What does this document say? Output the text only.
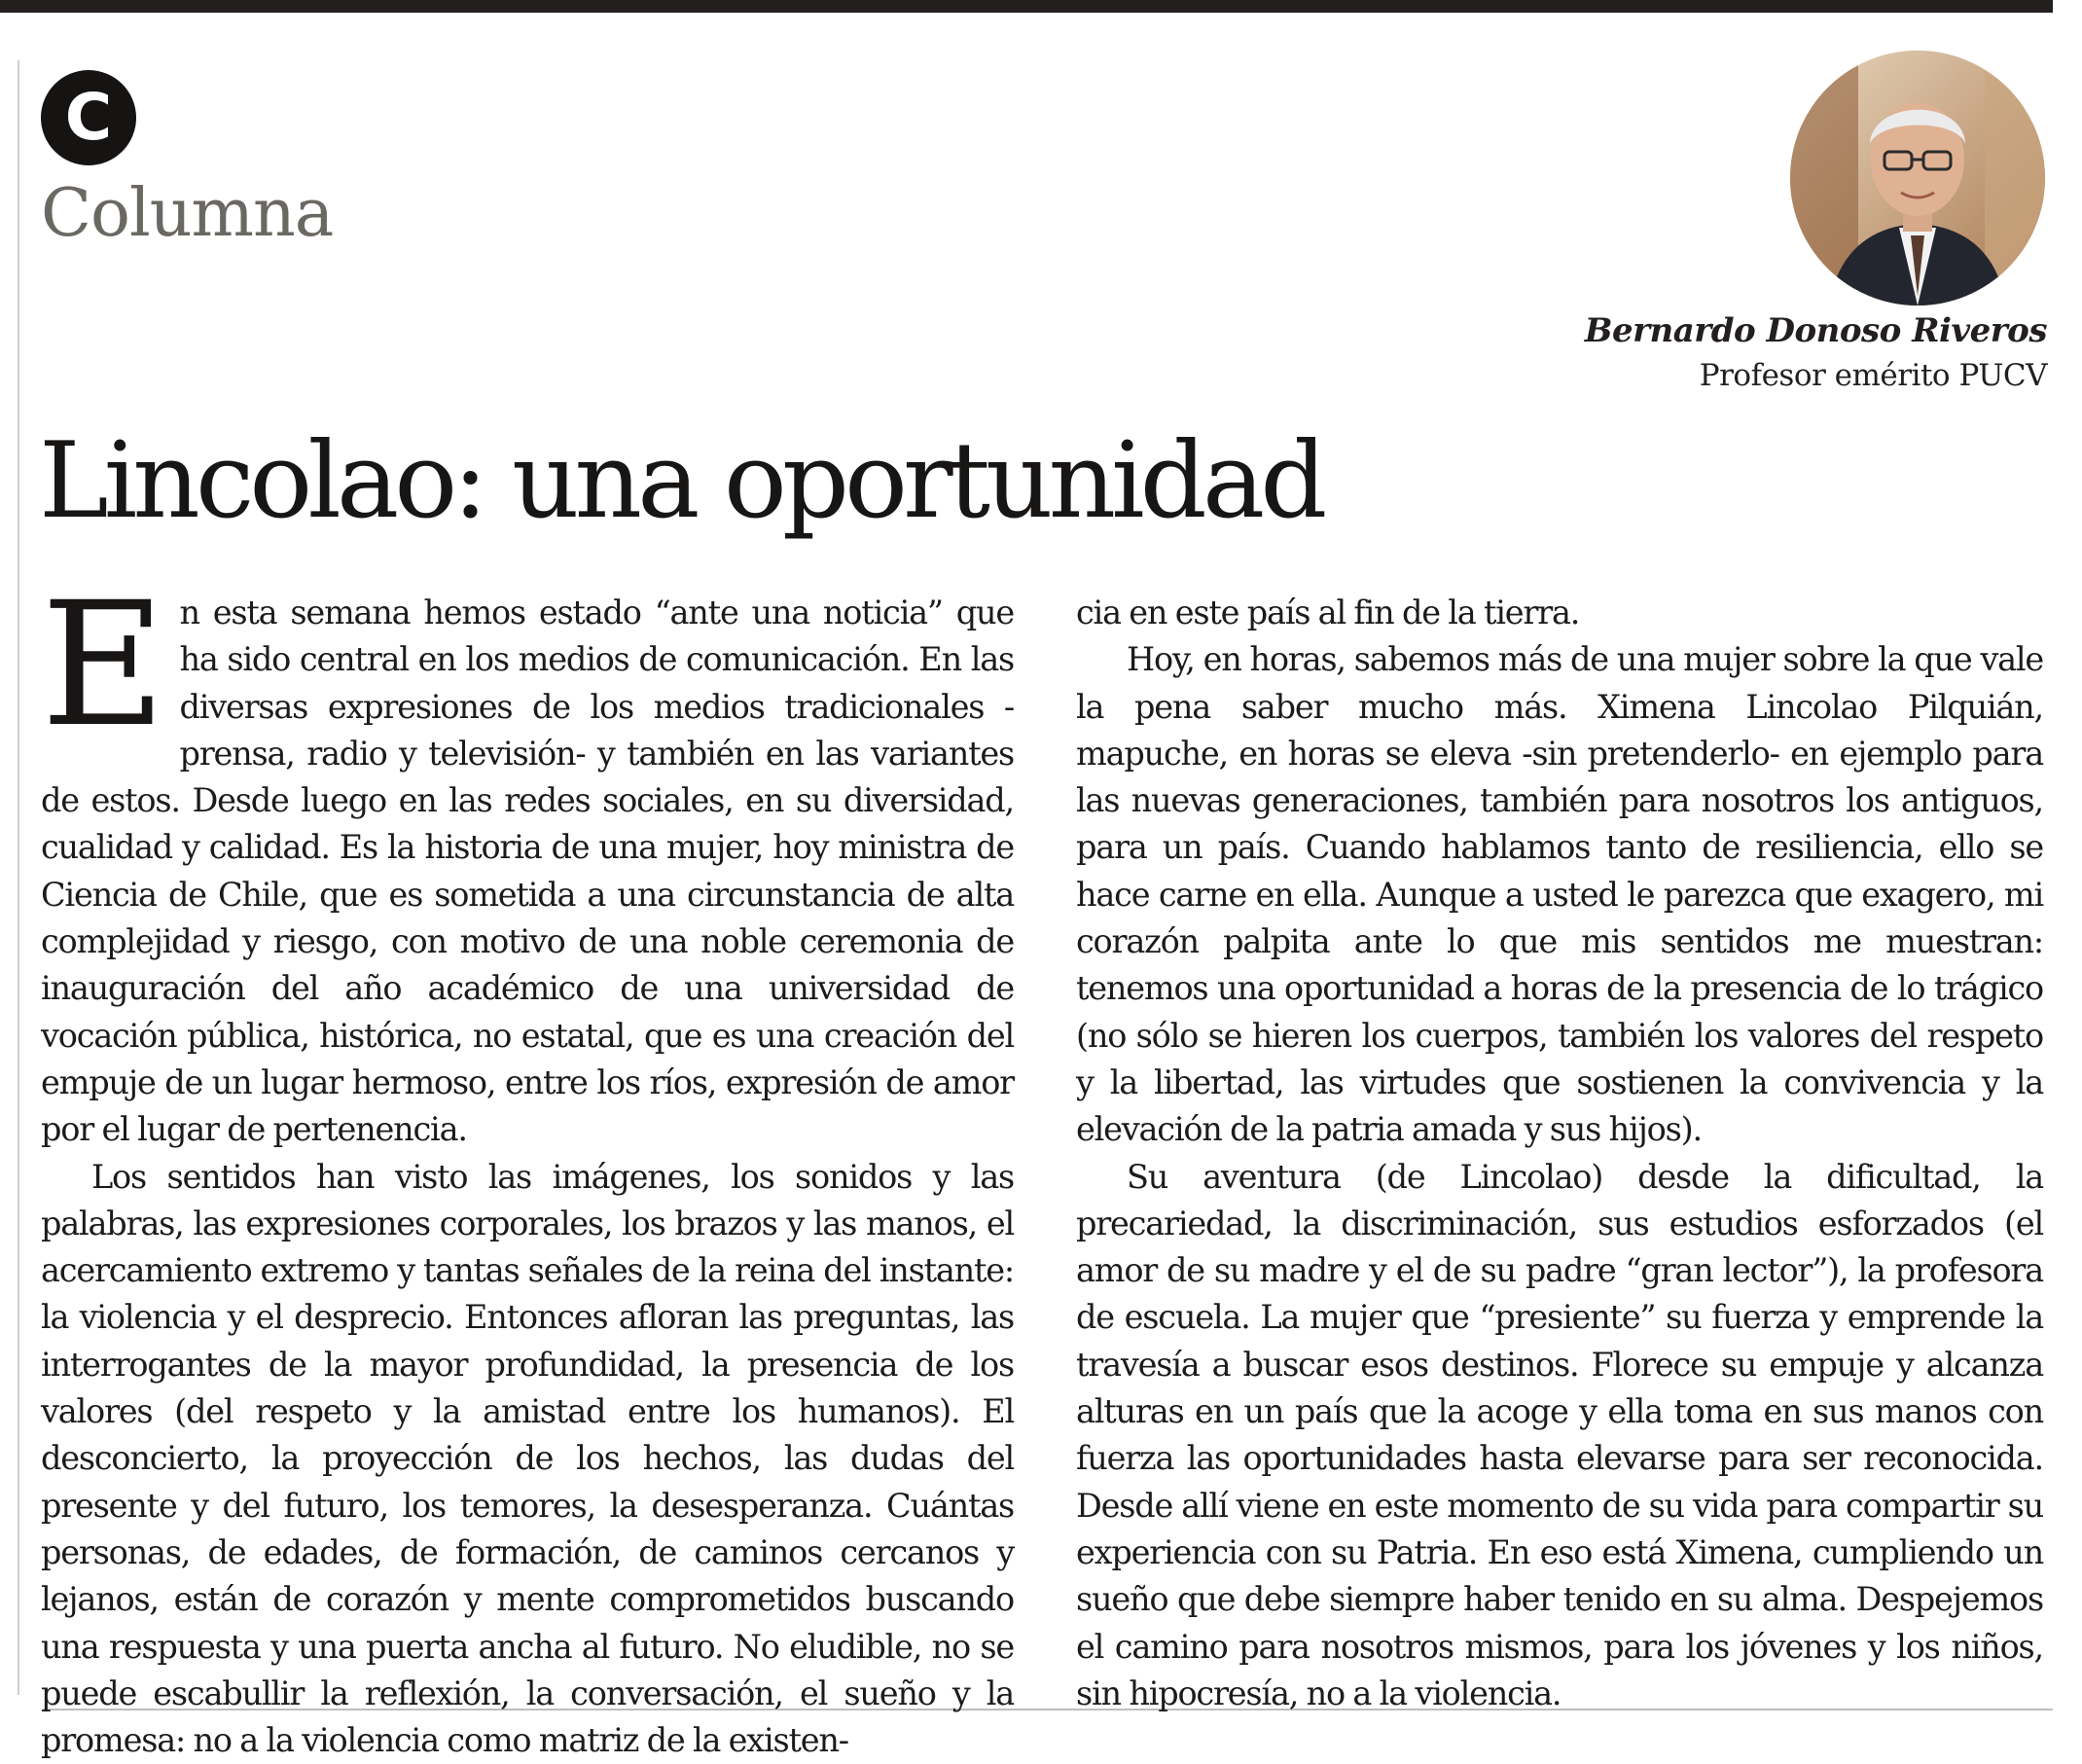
C
Columna
Bernardo Donoso Riveros
Profesor emérito PUCV
Lincolao: una oportunidad

En esta semana hemos estado “ante una noticia” que ha sido central en los medios de comunicación. En las diversas expresiones de los medios tradicionales -prensa, radio y televisión- y también en las variantes de estos. Desde luego en las redes sociales, en su diversidad, cualidad y calidad. Es la historia de una mujer, hoy ministra de Ciencia de Chile, que es sometida a una circunstancia de alta complejidad y riesgo, con motivo de una noble ceremonia de inauguración del año académico de una universidad de vocación pública, histórica, no estatal, que es una creación del empuje de un lugar hermoso, entre los ríos, expresión de amor por el lugar de pertenencia.

Los sentidos han visto las imágenes, los sonidos y las palabras, las expresiones corporales, los brazos y las manos, el acercamiento extremo y tantas señales de la reina del instante: la violencia y el desprecio. Entonces afloran las preguntas, las interrogantes de la mayor profundidad, la presencia de los valores (del respeto y la amistad entre los humanos). El desconcierto, la proyección de los hechos, las dudas del presente y del futuro, los temores, la desesperanza. Cuántas personas, de edades, de formación, de caminos cercanos y lejanos, están de corazón y mente comprometidos buscando una respuesta y una puerta ancha al futuro. No eludible, no se puede escabullir la reflexión, la conversación, el sueño y la promesa: no a la violencia como matriz de la existen-

cia en este país al fin de la tierra.

Hoy, en horas, sabemos más de una mujer sobre la que vale la pena saber mucho más. Ximena Lincolao Pilquián, mapuche, en horas se eleva -sin pretenderlo- en ejemplo para las nuevas generaciones, también para nosotros los antiguos, para un país. Cuando hablamos tanto de resiliencia, ello se hace carne en ella. Aunque a usted le parezca que exagero, mi corazón palpita ante lo que mis sentidos me muestran: tenemos una oportunidad a horas de la presencia de lo trágico (no sólo se hieren los cuerpos, también los valores del respeto y la libertad, las virtudes que sostienen la convivencia y la elevación de la patria amada y sus hijos).

Su aventura (de Lincolao) desde la dificultad, la precariedad, la discriminación, sus estudios esforzados (el amor de su madre y el de su padre “gran lector”), la profesora de escuela. La mujer que “presiente” su fuerza y emprende la travesía a buscar esos destinos. Florece su empuje y alcanza alturas en un país que la acoge y ella toma en sus manos con fuerza las oportunidades hasta elevarse para ser reconocida. Desde allí viene en este momento de su vida para compartir su experiencia con su Patria. En eso está Ximena, cumpliendo un sueño que debe siempre haber tenido en su alma. Despejemos el camino para nosotros mismos, para los jóvenes y los niños, sin hipocresía, no a la violencia.
